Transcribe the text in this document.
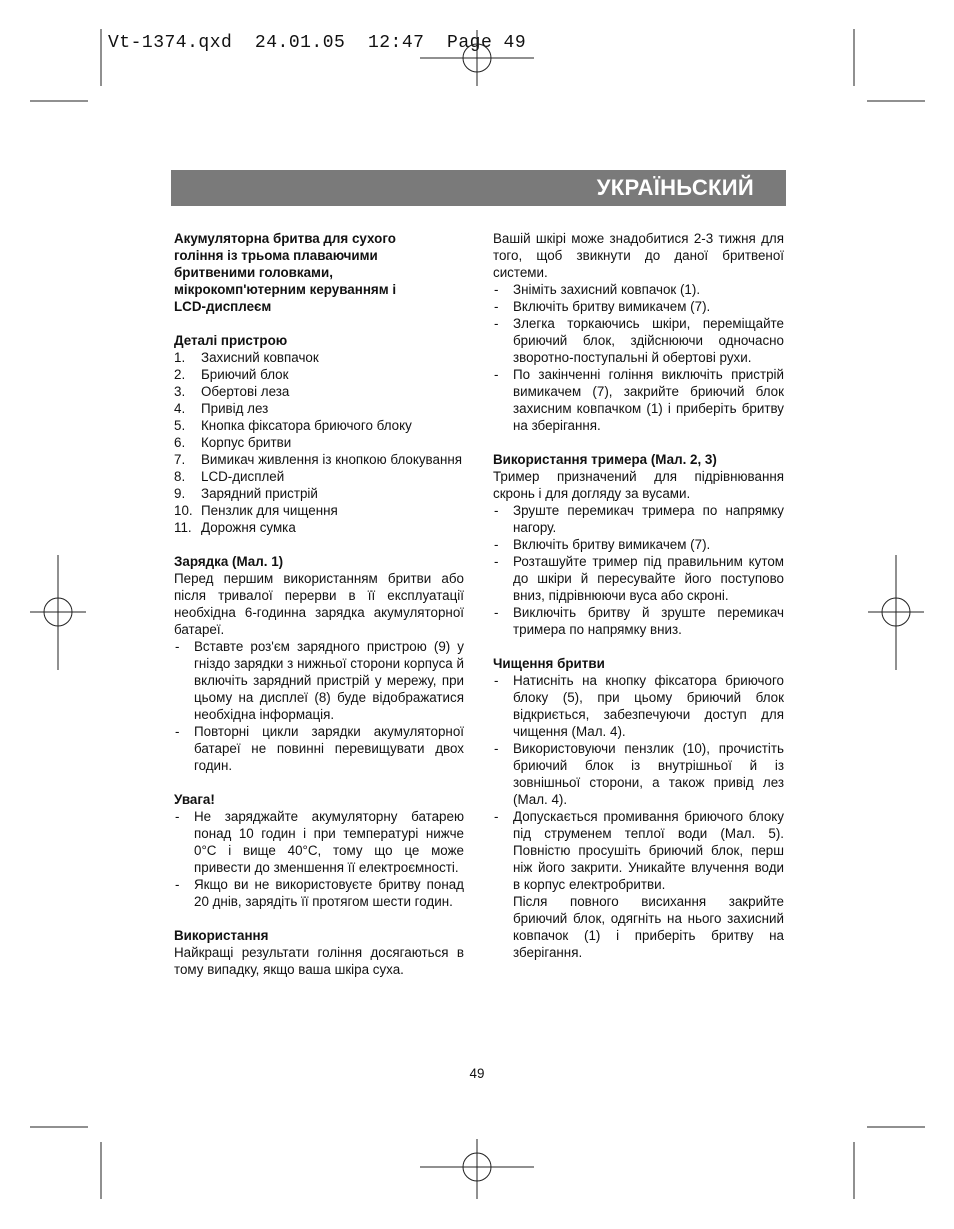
Vt-1374.qxd  24.01.05  12:47  Page 49
УКРАЇНЬСКИЙ
Акумуляторна бритва для сухого
гоління із трьома плаваючими
бритвеними головками,
мікрокомп'ютерним керуванням і
LCD-дисплеєм
Деталі пристрою
1. Захисний ковпачок
2. Бриючий блок
3. Обертові леза
4. Привід лез
5. Кнопка фіксатора бриючого блоку
6. Корпус бритви
7. Вимикач живлення із кнопкою блокування
8. LCD-дисплей
9. Зарядний пристрій
10. Пензлик для чищення
11. Дорожня сумка
Зарядка (Мал. 1)

Перед першим використанням бритви або після тривалої перерви в її експлуатації необхідна 6-годинна зарядка акумуляторної батареї.

- Вставте роз'єм зарядного пристрою (9) у гніздо зарядки з нижньої сторони корпуса й включіть зарядний пристрій у мережу, при цьому на дисплеї (8) буде відображатися необхідна інформація.
- Повторні цикли зарядки акумуляторної батареї не повинні перевищувати двох годин.
Увага!
- Не заряджайте акумуляторну батарею понад 10 годин і при температурі нижче 0°С і вище 40°С, тому що це може привести до зменшення її електроємності.
- Якщо ви не використовуєте бритву понад 20 днів, зарядіть її протягом шести годин.
Використання

Найкращі результати гоління досягаються в тому випадку, якщо ваша шкіра суха.

Вашій шкірі може знадобитися 2-3 тижня для того, щоб звикнути до даної бритвеної системи.

- Зніміть захисний ковпачок (1).
- Включіть бритву вимикачем (7).
- Злегка торкаючись шкіри, переміщайте бриючий блок, здійснюючи одночасно зворотно-поступальні й обертові рухи.
- По закінченні гоління виключіть пристрій вимикачем (7), закрийте бриючий блок захисним ковпачком (1) і приберіть бритву на зберігання.
Використання тримера (Мал. 2, 3)

Тример призначений для підрівнювання скронь і для догляду за вусами.

- Зруште перемикач тримера по напрямку нагору.
- Включіть бритву вимикачем (7).
- Розташуйте тример під правильним кутом до шкіри й пересувайте його поступово вниз, підрівнюючи вуса або скроні.
- Виключіть бритву й зруште перемикач тримера по напрямку вниз.
Чищення бритви
- Натисніть на кнопку фіксатора бриючого блоку (5), при цьому бриючий блок відкриється, забезпечуючи доступ для чищення (Мал. 4).
- Використовуючи пензлик (10), прочистіть бриючий блок із внутрішньої й із зовнішньої сторони, а також привід лез (Мал. 4).
- Допускається промивання бриючого блоку під струменем теплої води (Мал. 5). Повністю просушіть бриючий блок, перш ніж його закрити. Уникайте влучення води в корпус електробритви.

Після повного висихання закрийте бриючий блок, одягніть на нього захисний ковпачок (1) і приберіть бритву на зберігання.

49
